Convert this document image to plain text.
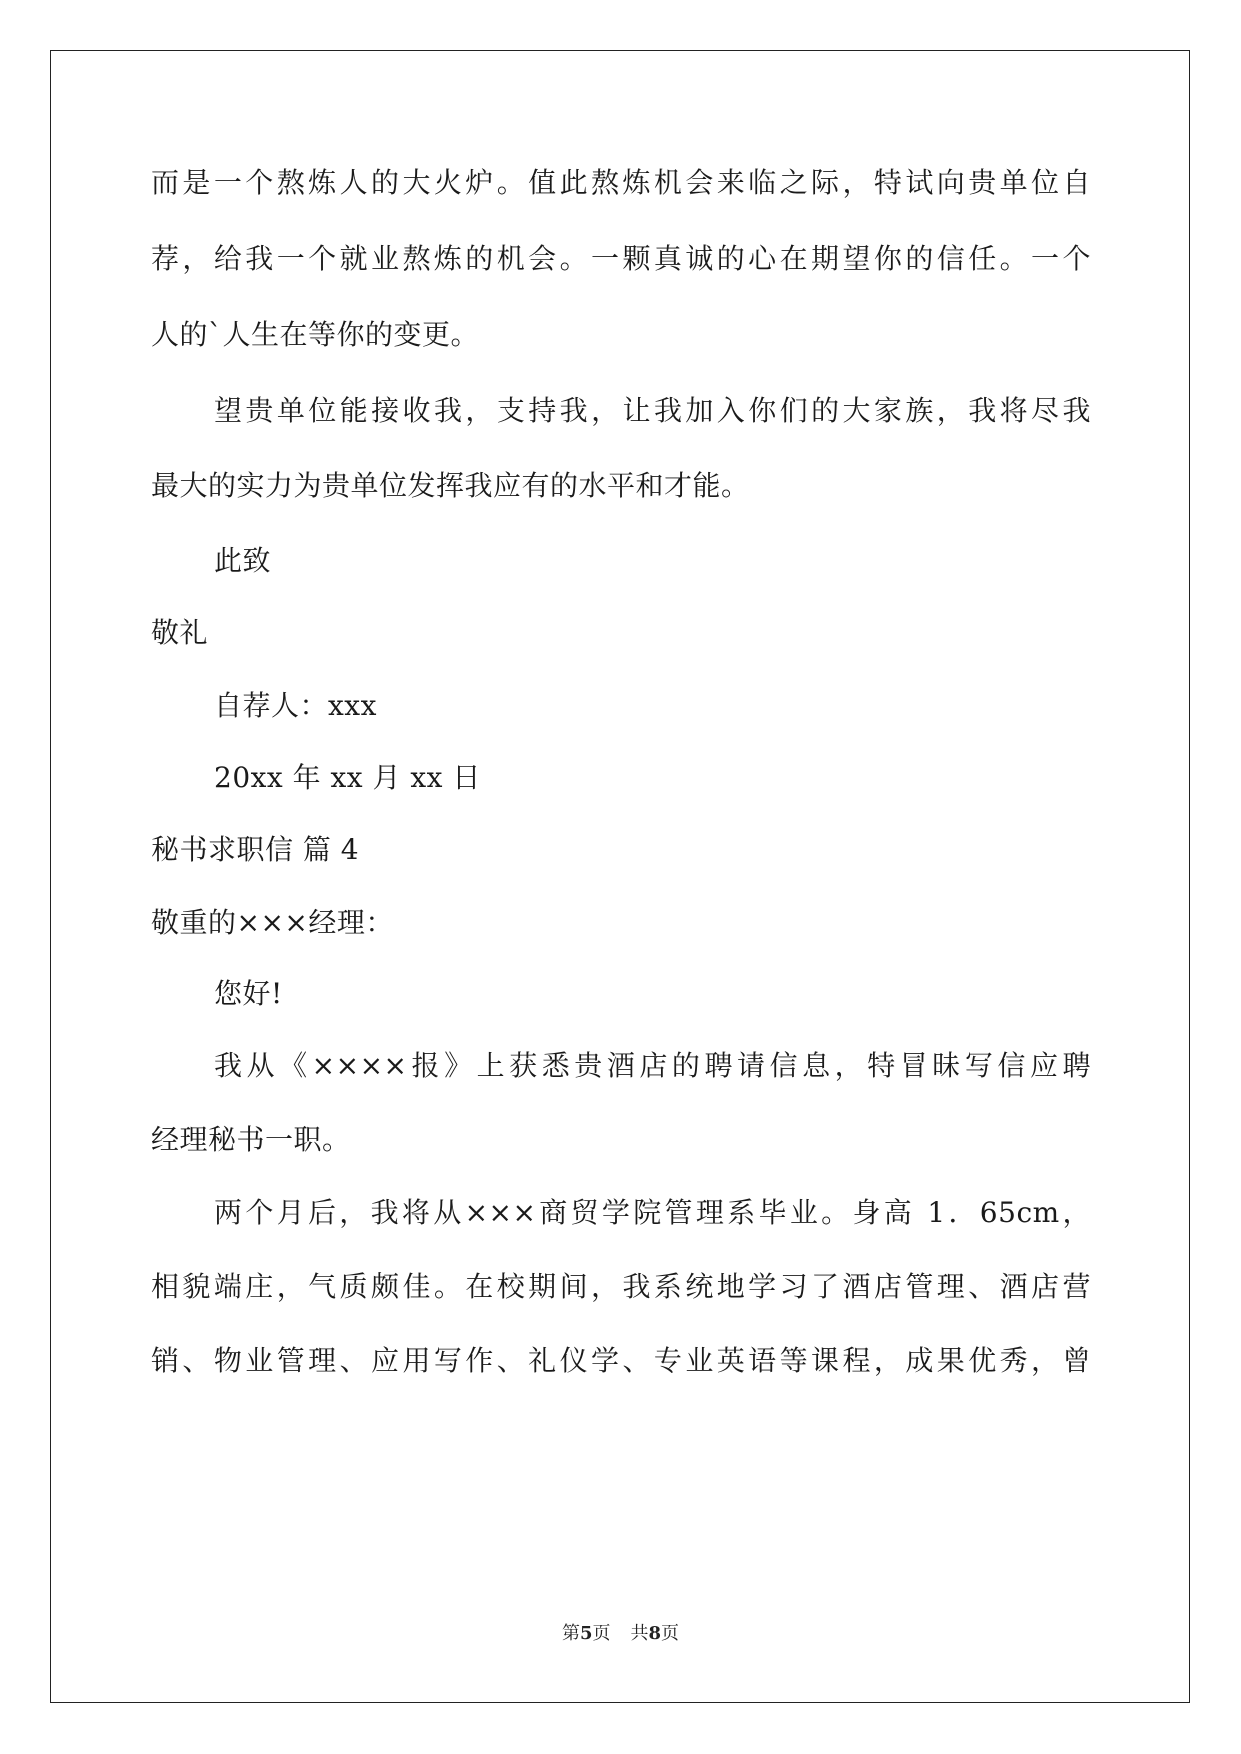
而是一个熬炼人的大火炉。值此熬炼机会来临之际，特试向贵单位自
荐，给我一个就业熬炼的机会。一颗真诚的心在期望你的信任。一个
人的`人生在等你的变更。
望贵单位能接收我，支持我，让我加入你们的大家族，我将尽我
最大的实力为贵单位发挥我应有的水平和才能。
此致
敬礼
自荐人：xxx
20xx 年 xx 月 xx 日
秘书求职信 篇 4
敬重的×××经理：
您好!
我从《××××报》上获悉贵酒店的聘请信息，特冒昧写信应聘
经理秘书一职。
两个月后，我将从×××商贸学院管理系毕业。身高 1．65cm，
相貌端庄，气质颇佳。在校期间，我系统地学习了酒店管理、酒店营
销、物业管理、应用写作、礼仪学、专业英语等课程，成果优秀，曾
第5页 共8页
